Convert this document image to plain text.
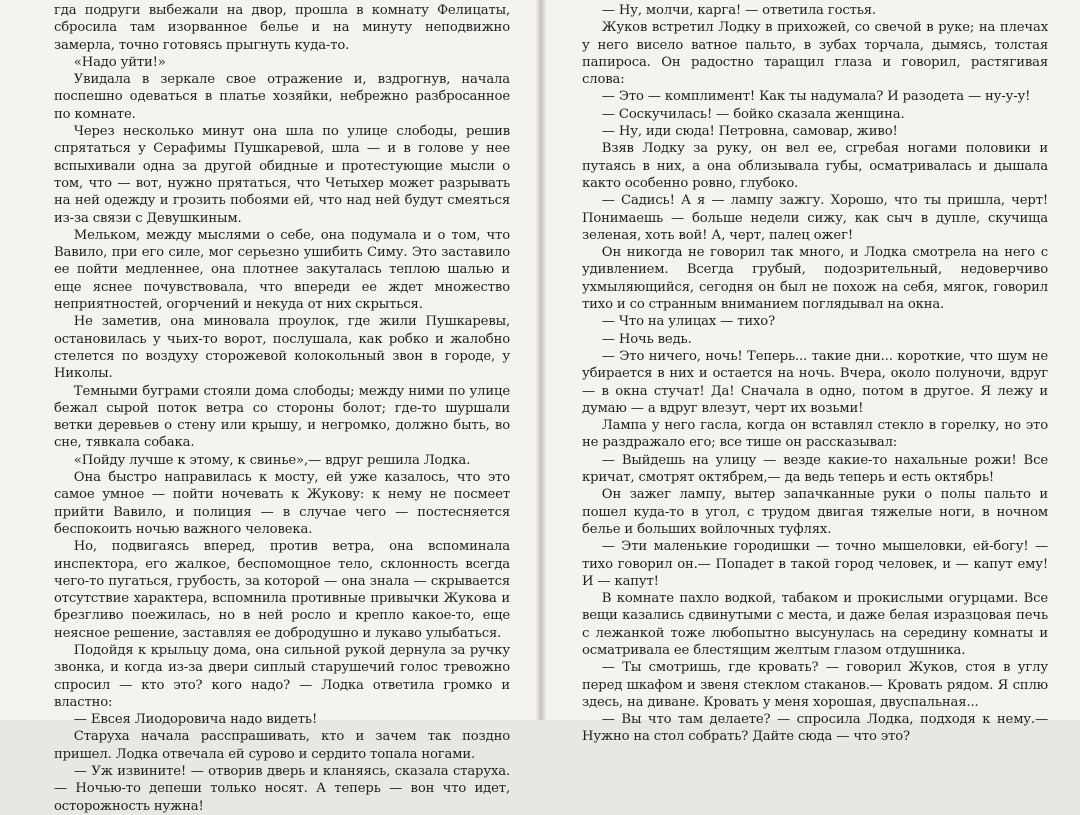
гда подруги выбежали на двор, прошла в комнату Фелицаты, сбросила там изорванное белье и на минуту неподвижно замерла, точно готовясь прыгнуть куда-то.

«Надо уйти!»

Увидала в зеркале свое отражение и, вздрогнув, начала поспешно одеваться в платье хозяйки, небрежно разбросанное по комнате.

Через несколько минут она шла по улице слободы, решив спрятаться у Серафимы Пушкаревой, шла — и в голове у нее вспыхивали одна за другой обидные и протестующие мысли о том, что — вот, нужно прятаться, что Четыхер может разрывать на ней одежду и грозить побоями ей, что над ней будут смеяться из-за связи с Девушкиным.

Мельком, между мыслями о себе, она подумала и о том, что Вавило, при его силе, мог серьезно ушибить Симу. Это заставило ее пойти медленнее, она плотнее закуталась теплою шалью и еще яснее почувствовала, что впереди ее ждет множество неприятностей, огорчений и некуда от них скрыться.

Не заметив, она миновала проулок, где жили Пушкаревы, остановилась у чьих-то ворот, послушала, как робко и жалобно стелется по воздуху сторожевой колокольный звон в городе, у Николы.

Темными буграми стояли дома слободы; между ними по улице бежал сырой поток ветра со стороны болот; где-то шуршали ветки деревьев о стену или крышу, и негромко, должно быть, во сне, тявкала собака.

«Пойду лучше к этому, к свинье»,— вдруг решила Лодка.

Она быстро направилась к мосту, ей уже казалось, что это самое умное — пойти ночевать к Жукову: к нему не посмеет прийти Вавило, и полиция — в случае чего — постесняется беспокоить ночью важного человека.

Но, подвигаясь вперед, против ветра, она вспоминала инспектора, его жалкое, беспомощное тело, склонность всегда чего-то пугаться, грубость, за которой — она знала — скрывается отсутствие характера, вспомнила противные привычки Жукова и брезгливо поежилась, но в ней росло и крепло какое-то, еще неясное решение, заставляя ее добродушно и лукаво улыбаться.

Подойдя к крыльцу дома, она сильной рукой дернула за ручку звонка, и когда из-за двери сиплый старушечий голос тревожно спросил — кто это? кого надо? — Лодка ответила громко и властно:

— Евсея Лиодоровича надо видеть!

Старуха начала расспрашивать, кто и зачем так поздно пришел. Лодка отвечала ей сурово и сердито топала ногами.

— Уж извините! — отворив дверь и кланяясь, сказала старуха.— Ночью-то депеши только носят. А теперь — вон что идет, осторожность нужна!

— Ну, молчи, карга! — ответила гостья.

Жуков встретил Лодку в прихожей, со свечой в руке; на плечах у него висело ватное пальто, в зубах торчала, дымясь, толстая папироса. Он радостно таращил глаза и говорил, растягивая слова:

— Это — комплимент! Как ты надумала? И разодета — ну-у-у!

— Соскучилась! — бойко сказала женщина.

— Ну, иди сюда! Петровна, самовар, живо!

Взяв Лодку за руку, он вел ее, сгребая ногами половики и путаясь в них, а она облизывала губы, осматривалась и дышала както особенно ровно, глубоко.

— Садись! А я — лампу зажгу. Хорошо, что ты пришла, черт! Понимаешь — больше недели сижу, как сыч в дупле, скучища зеленая, хоть вой! А, черт, палец ожег!

Он никогда не говорил так много, и Лодка смотрела на него с удивлением. Всегда грубый, подозрительный, недоверчиво ухмыляющийся, сегодня он был не похож на себя, мягок, говорил тихо и со странным вниманием поглядывал на окна.

— Что на улицах — тихо?

— Ночь ведь.

— Это ничего, ночь! Теперь... такие дни... короткие, что шум не убирается в них и остается на ночь. Вчера, около полуночи, вдруг — в окна стучат! Да! Сначала в одно, потом в другое. Я лежу и думаю — а вдруг влезут, черт их возьми!

Лампа у него гасла, когда он вставлял стекло в горелку, но это не раздражало его; все тише он рассказывал:

— Выйдешь на улицу — везде какие-то нахальные рожи! Все кричат, смотрят октябрем,— да ведь теперь и есть октябрь!

Он зажег лампу, вытер запачканные руки о полы пальто и пошел куда-то в угол, с трудом двигая тяжелые ноги, в ночном белье и больших войлочных туфлях.

— Эти маленькие городишки — точно мышеловки, ей-богу! — тихо говорил он.— Попадет в такой город человек, и — капут ему! И — капут!

В комнате пахло водкой, табаком и прокислыми огурцами. Все вещи казались сдвинутыми с места, и даже белая изразцовая печь с лежанкой тоже любопытно высунулась на середину комнаты и осматривала ее блестящим желтым глазом отдушника.

— Ты смотришь, где кровать? — говорил Жуков, стоя в углу перед шкафом и звеня стеклом стаканов.— Кровать рядом. Я сплю здесь, на диване. Кровать у меня хорошая, двуспальная...

— Вы что там делаете? — спросила Лодка, подходя к нему.— Нужно на стол собрать? Дайте сюда — что это?
